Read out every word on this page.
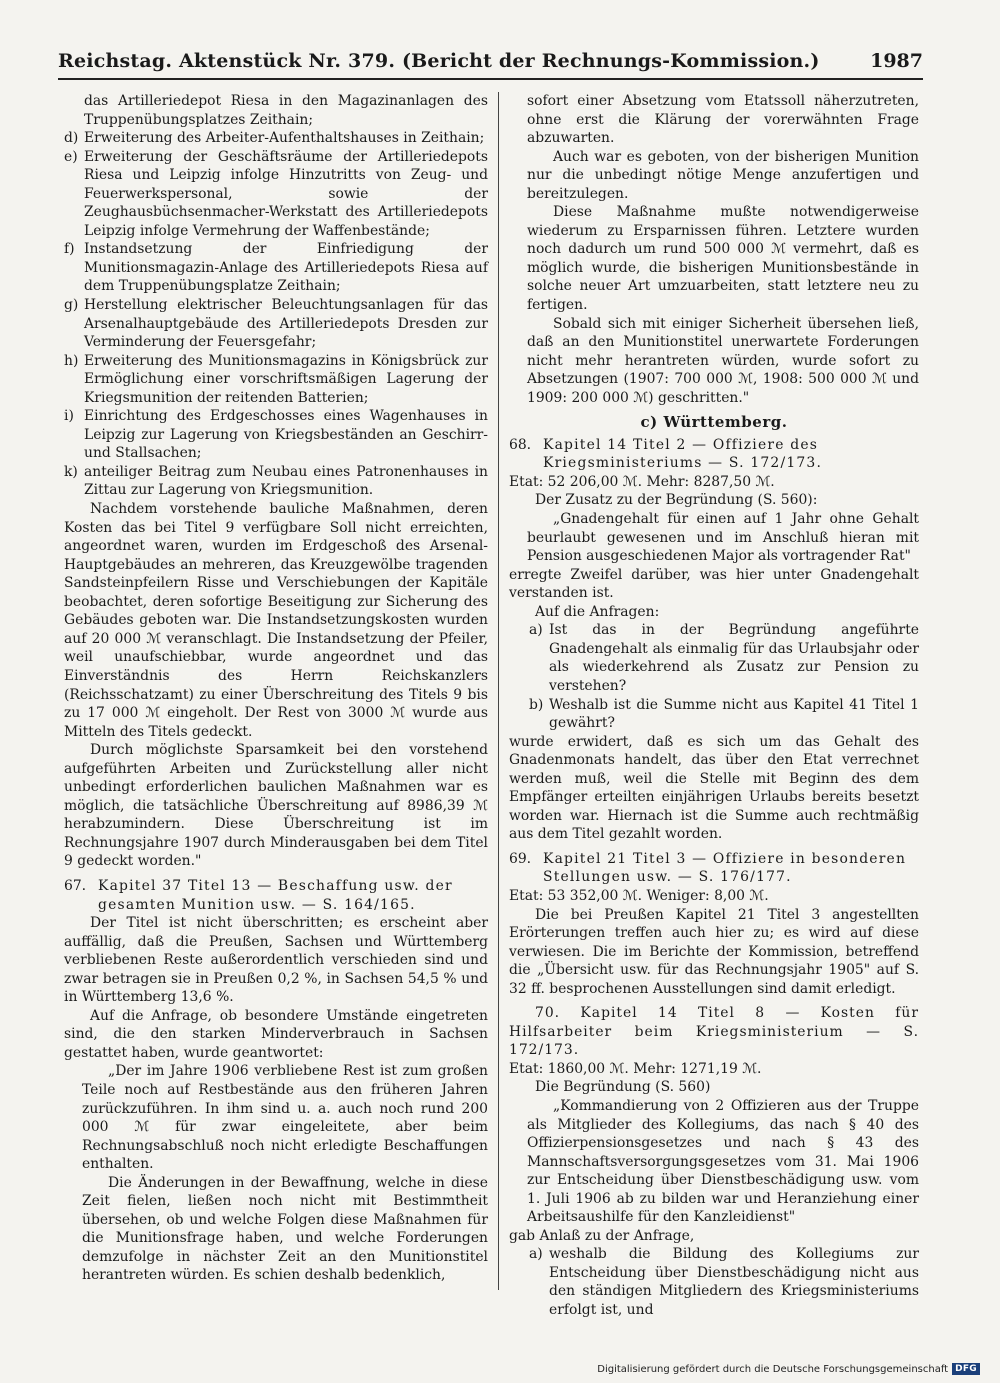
Reichstag. Aktenstück Nr. 379. (Bericht der Rechnungs-Kommission.)	1987

das Artilleriedepot Riesa in den Magazinanlagen des Truppenübungsplatzes Zeithain;

d) Erweiterung des Arbeiter-Aufenthaltshauses in Zeithain;
e) Erweiterung der Geschäftsräume der Artilleriedepots Riesa und Leipzig infolge Hinzutritts von Zeug- und Feuerwerkspersonal, sowie der Zeughausbüchsenmacher-Werkstatt des Artilleriedepots Leipzig infolge Vermehrung der Waffenbestände;
f) Instandsetzung der Einfriedigung der Munitionsmagazin-Anlage des Artilleriedepots Riesa auf dem Truppenübungsplatze Zeithain;
g) Herstellung elektrischer Beleuchtungsanlagen für das Arsenalhauptgebäude des Artilleriedepots Dresden zur Verminderung der Feuersgefahr;
h) Erweiterung des Munitionsmagazins in Königsbrück zur Ermöglichung einer vorschriftsmäßigen Lagerung der Kriegsmunition der reitenden Batterien;
i) Einrichtung des Erdgeschosses eines Wagenhauses in Leipzig zur Lagerung von Kriegsbeständen an Geschirr- und Stallsachen;
k) anteiliger Beitrag zum Neubau eines Patronenhauses in Zittau zur Lagerung von Kriegsmunition.

Nachdem vorstehende bauliche Maßnahmen, deren Kosten das bei Titel 9 verfügbare Soll nicht erreichten, angeordnet waren, wurden im Erdgeschoß des Arsenal-Hauptgebäudes an mehreren, das Kreuzgewölbe tragenden Sandsteinpfeilern Risse und Verschiebungen der Kapitäle beobachtet, deren sofortige Beseitigung zur Sicherung des Gebäudes geboten war. Die Instandsetzungskosten wurden auf 20 000 ℳ veranschlagt. Die Instandsetzung der Pfeiler, weil unaufschiebbar, wurde angeordnet und das Einverständnis des Herrn Reichskanzlers (Reichsschatzamt) zu einer Überschreitung des Titels 9 bis zu 17 000 ℳ eingeholt. Der Rest von 3000 ℳ wurde aus Mitteln des Titels gedeckt.

Durch möglichste Sparsamkeit bei den vorstehend aufgeführten Arbeiten und Zurückstellung aller nicht unbedingt erforderlichen baulichen Maßnahmen war es möglich, die tatsächliche Überschreitung auf 8986,39 ℳ herabzumindern. Diese Überschreitung ist im Rechnungsjahre 1907 durch Minderausgaben bei dem Titel 9 gedeckt worden."

67. Kapitel 37 Titel 13 — Beschaffung usw. der gesamten Munition usw. — S. 164/165.

Der Titel ist nicht überschritten; es erscheint aber auffällig, daß die Preußen, Sachsen und Württemberg verbliebenen Reste außerordentlich verschieden sind und zwar betragen sie in Preußen 0,2 %, in Sachsen 54,5 % und in Württemberg 13,6 %.

Auf die Anfrage, ob besondere Umstände eingetreten sind, die den starken Minderverbrauch in Sachsen gestattet haben, wurde geantwortet:

„Der im Jahre 1906 verbliebene Rest ist zum großen Teile noch auf Restbestände aus den früheren Jahren zurückzuführen. In ihm sind u. a. auch noch rund 200 000 ℳ für zwar eingeleitete, aber beim Rechnungsabschluß noch nicht erledigte Beschaffungen enthalten.

Die Änderungen in der Bewaffnung, welche in diese Zeit fielen, ließen noch nicht mit Bestimmtheit übersehen, ob und welche Folgen diese Maßnahmen für die Munitionsfrage haben, und welche Forderungen demzufolge in nächster Zeit an den Munitionstitel herantreten würden. Es schien deshalb bedenklich,

sofort einer Absetzung vom Etatssoll näherzutreten, ohne erst die Klärung der vorerwähnten Frage abzuwarten.

Auch war es geboten, von der bisherigen Munition nur die unbedingt nötige Menge anzufertigen und bereitzulegen.

Diese Maßnahme mußte notwendigerweise wiederum zu Ersparnissen führen. Letztere wurden noch dadurch um rund 500 000 ℳ vermehrt, daß es möglich wurde, die bisherigen Munitionsbestände in solche neuer Art umzuarbeiten, statt letztere neu zu fertigen.

Sobald sich mit einiger Sicherheit übersehen ließ, daß an den Munitionstitel unerwartete Forderungen nicht mehr herantreten würden, wurde sofort zu Absetzungen (1907: 700 000 ℳ, 1908: 500 000 ℳ und 1909: 200 000 ℳ) geschritten."

c) Württemberg.
68. Kapitel 14 Titel 2 — Offiziere des Kriegsministeriums — S. 172/173.

Etat: 52 206,00 ℳ. Mehr: 8287,50 ℳ.

Der Zusatz zu der Begründung (S. 560):

„Gnadengehalt für einen auf 1 Jahr ohne Gehalt beurlaubt gewesenen und im Anschluß hieran mit Pension ausgeschiedenen Major als vortragender Rat"

erregte Zweifel darüber, was hier unter Gnadengehalt verstanden ist.

Auf die Anfragen:

a) Ist das in der Begründung angeführte Gnadengehalt als einmalig für das Urlaubsjahr oder als wiederkehrend als Zusatz zur Pension zu verstehen?
b) Weshalb ist die Summe nicht aus Kapitel 41 Titel 1 gewährt?

wurde erwidert, daß es sich um das Gehalt des Gnadenmonats handelt, das über den Etat verrechnet werden muß, weil die Stelle mit Beginn des dem Empfänger erteilten einjährigen Urlaubs bereits besetzt worden war. Hiernach ist die Summe auch rechtmäßig aus dem Titel gezahlt worden.

69. Kapitel 21 Titel 3 — Offiziere in besonderen Stellungen usw. — S. 176/177.

Etat: 53 352,00 ℳ. Weniger: 8,00 ℳ.

Die bei Preußen Kapitel 21 Titel 3 angestellten Erörterungen treffen auch hier zu; es wird auf diese verwiesen. Die im Berichte der Kommission, betreffend die „Übersicht usw. für das Rechnungsjahr 1905" auf S. 32 ff. besprochenen Ausstellungen sind damit erledigt.

70. Kapitel 14 Titel 8 — Kosten für Hilfsarbeiter beim Kriegsministerium — S. 172/173.

Etat: 1860,00 ℳ. Mehr: 1271,19 ℳ.

Die Begründung (S. 560)

„Kommandierung von 2 Offizieren aus der Truppe als Mitglieder des Kollegiums, das nach § 40 des Offizierpensionsgesetzes und nach § 43 des Mannschaftsversorgungsgesetzes vom 31. Mai 1906 zur Entscheidung über Dienstbeschädigung usw. vom 1. Juli 1906 ab zu bilden war und Heranziehung einer Arbeitsaushilfe für den Kanzleidienst"

gab Anlaß zu der Anfrage,

a) weshalb die Bildung des Kollegiums zur Entscheidung über Dienstbeschädigung nicht aus den ständigen Mitgliedern des Kriegsministeriums erfolgt ist, und
Digitalisierung gefördert durch die Deutsche Forschungsgemeinschaft DFG
